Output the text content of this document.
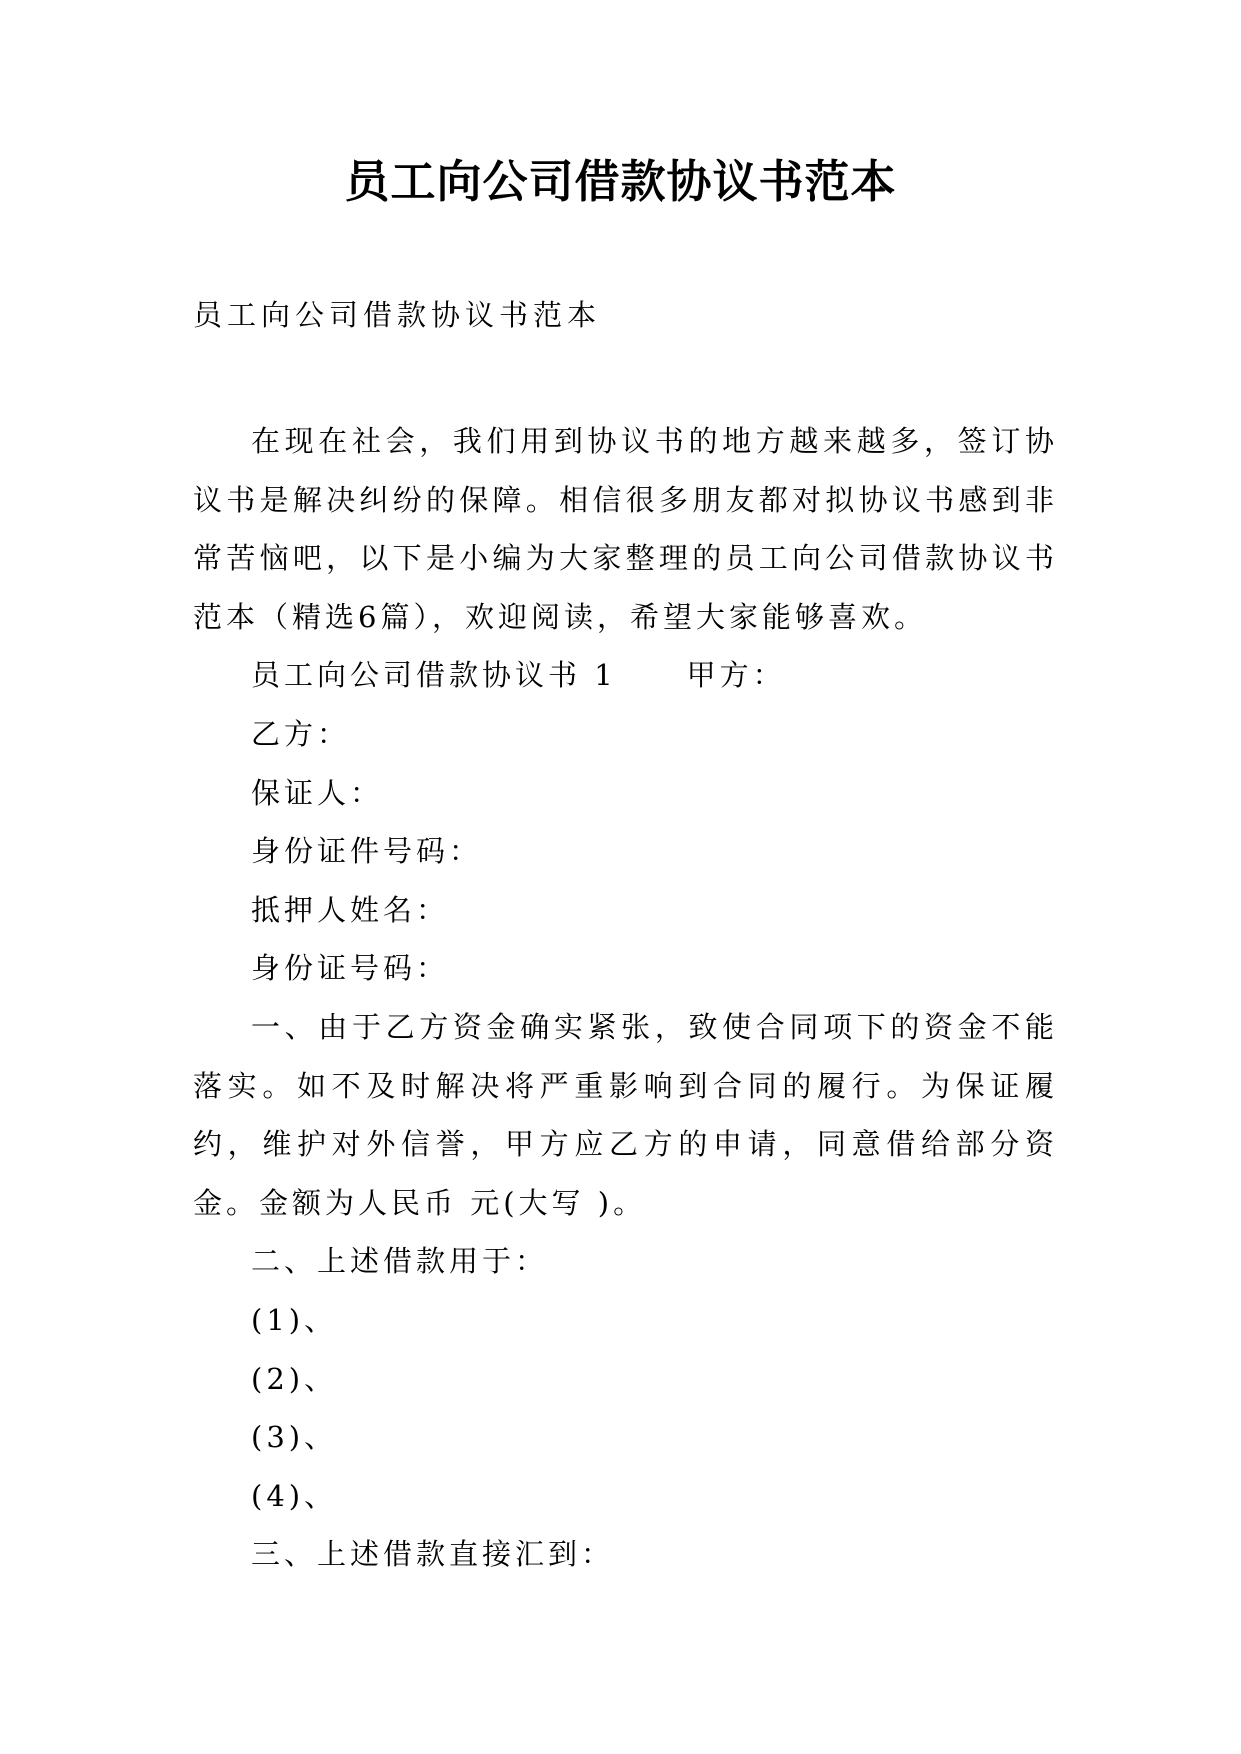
员工向公司借款协议书范本
员工向公司借款协议书范本

在现在社会，我们用到协议书的地方越来越多，签订协议书是解决纠纷的保障。相信很多朋友都对拟协议书感到非常苦恼吧，以下是小编为大家整理的员工向公司借款协议书范本（精选6篇），欢迎阅读，希望大家能够喜欢。

员工向公司借款协议书 1 甲方：

乙方：

保证人：

身份证件号码：

抵押人姓名：

身份证号码：

一、由于乙方资金确实紧张，致使合同项下的资金不能落实。如不及时解决将严重影响到合同的履行。为保证履约，维护对外信誉，甲方应乙方的申请，同意借给部分资金。金额为人民币 元(大写 )。

二、上述借款用于：

(1)、

(2)、

(3)、

(4)、

三、上述借款直接汇到：
